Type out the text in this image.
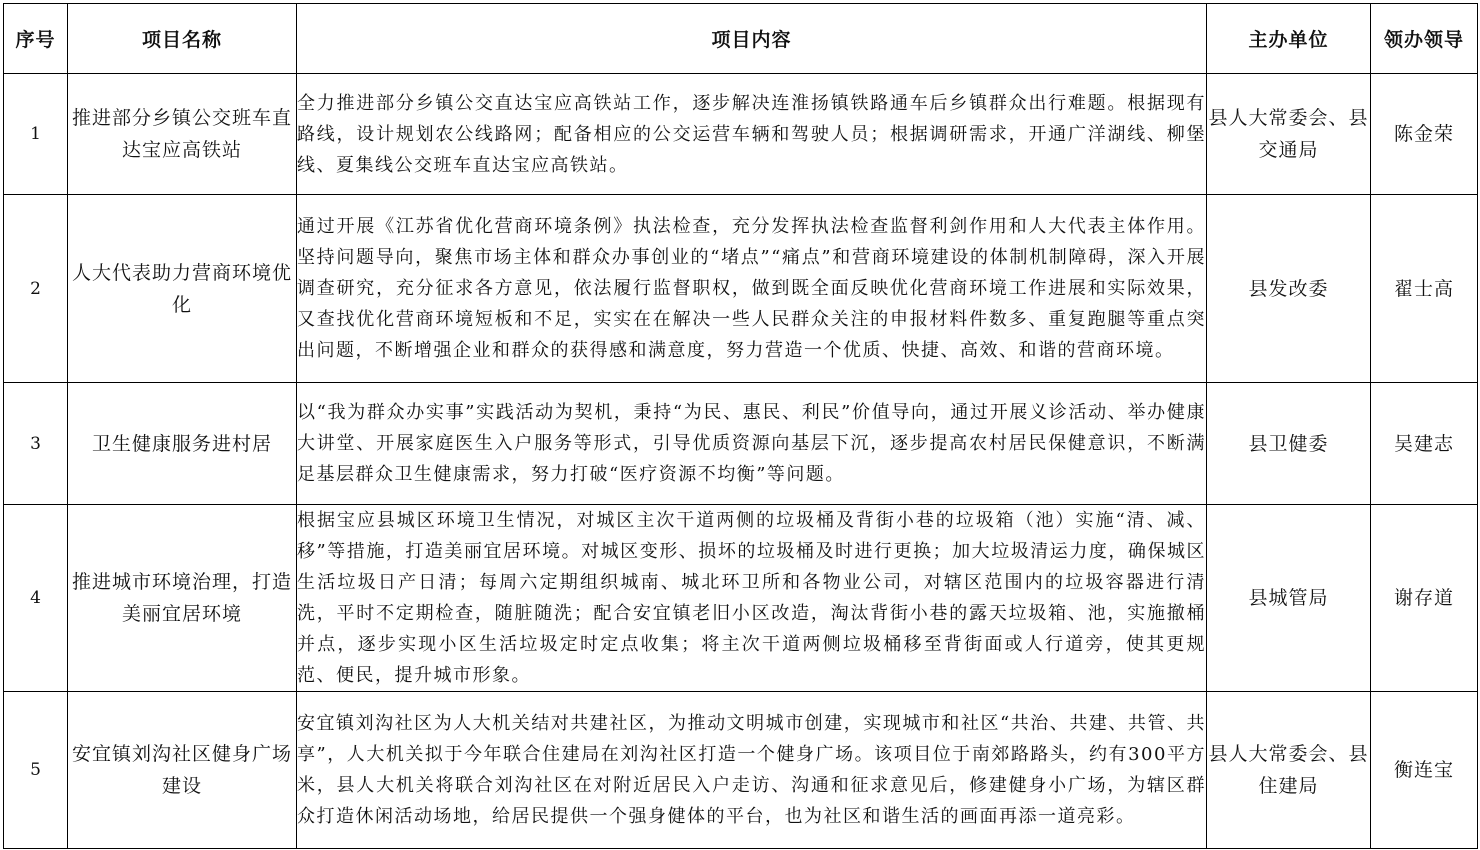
序号	项目名称	项目内容	主办单位	领办领导
1	推进部分乡镇公交班车直达宝应高铁站	全力推进部分乡镇公交直达宝应高铁站工作，逐步解决连淮扬镇铁路通车后乡镇群众出行难题。根据现有路线，设计规划农公线路网；配备相应的公交运营车辆和驾驶人员；根据调研需求，开通广洋湖线、柳堡线、夏集线公交班车直达宝应高铁站。	县人大常委会、县交通局	陈金荣
2	人大代表助力营商环境优化	通过开展《江苏省优化营商环境条例》执法检查，充分发挥执法检查监督利剑作用和人大代表主体作用。坚持问题导向，聚焦市场主体和群众办事创业的“堵点”“痛点”和营商环境建设的体制机制障碍，深入开展调查研究，充分征求各方意见，依法履行监督职权，做到既全面反映优化营商环境工作进展和实际效果，又查找优化营商环境短板和不足，实实在在解决一些人民群众关注的申报材料件数多、重复跑腿等重点突出问题，不断增强企业和群众的获得感和满意度，努力营造一个优质、快捷、高效、和谐的营商环境。	县发改委	翟士高
3	卫生健康服务进村居	以“我为群众办实事”实践活动为契机，秉持“为民、惠民、利民”价值导向，通过开展义诊活动、举办健康大讲堂、开展家庭医生入户服务等形式，引导优质资源向基层下沉，逐步提高农村居民保健意识，不断满足基层群众卫生健康需求，努力打破“医疗资源不均衡”等问题。	县卫健委	吴建志
4	推进城市环境治理，打造美丽宜居环境	根据宝应县城区环境卫生情况，对城区主次干道两侧的垃圾桶及背街小巷的垃圾箱（池）实施“清、减、移”等措施，打造美丽宜居环境。对城区变形、损坏的垃圾桶及时进行更换；加大垃圾清运力度，确保城区生活垃圾日产日清；每周六定期组织城南、城北环卫所和各物业公司，对辖区范围内的垃圾容器进行清洗，平时不定期检查，随脏随洗；配合安宜镇老旧小区改造，淘汰背街小巷的露天垃圾箱、池，实施撤桶并点，逐步实现小区生活垃圾定时定点收集；将主次干道两侧垃圾桶移至背街面或人行道旁，使其更规范、便民，提升城市形象。	县城管局	谢存道
5	安宜镇刘沟社区健身广场建设	安宜镇刘沟社区为人大机关结对共建社区，为推动文明城市创建，实现城市和社区“共治、共建、共管、共享”，人大机关拟于今年联合住建局在刘沟社区打造一个健身广场。该项目位于南郊路路头，约有300平方米，县人大机关将联合刘沟社区在对附近居民入户走访、沟通和征求意见后，修建健身小广场，为辖区群众打造休闲活动场地，给居民提供一个强身健体的平台，也为社区和谐生活的画面再添一道亮彩。	县人大常委会、县住建局	衡连宝
